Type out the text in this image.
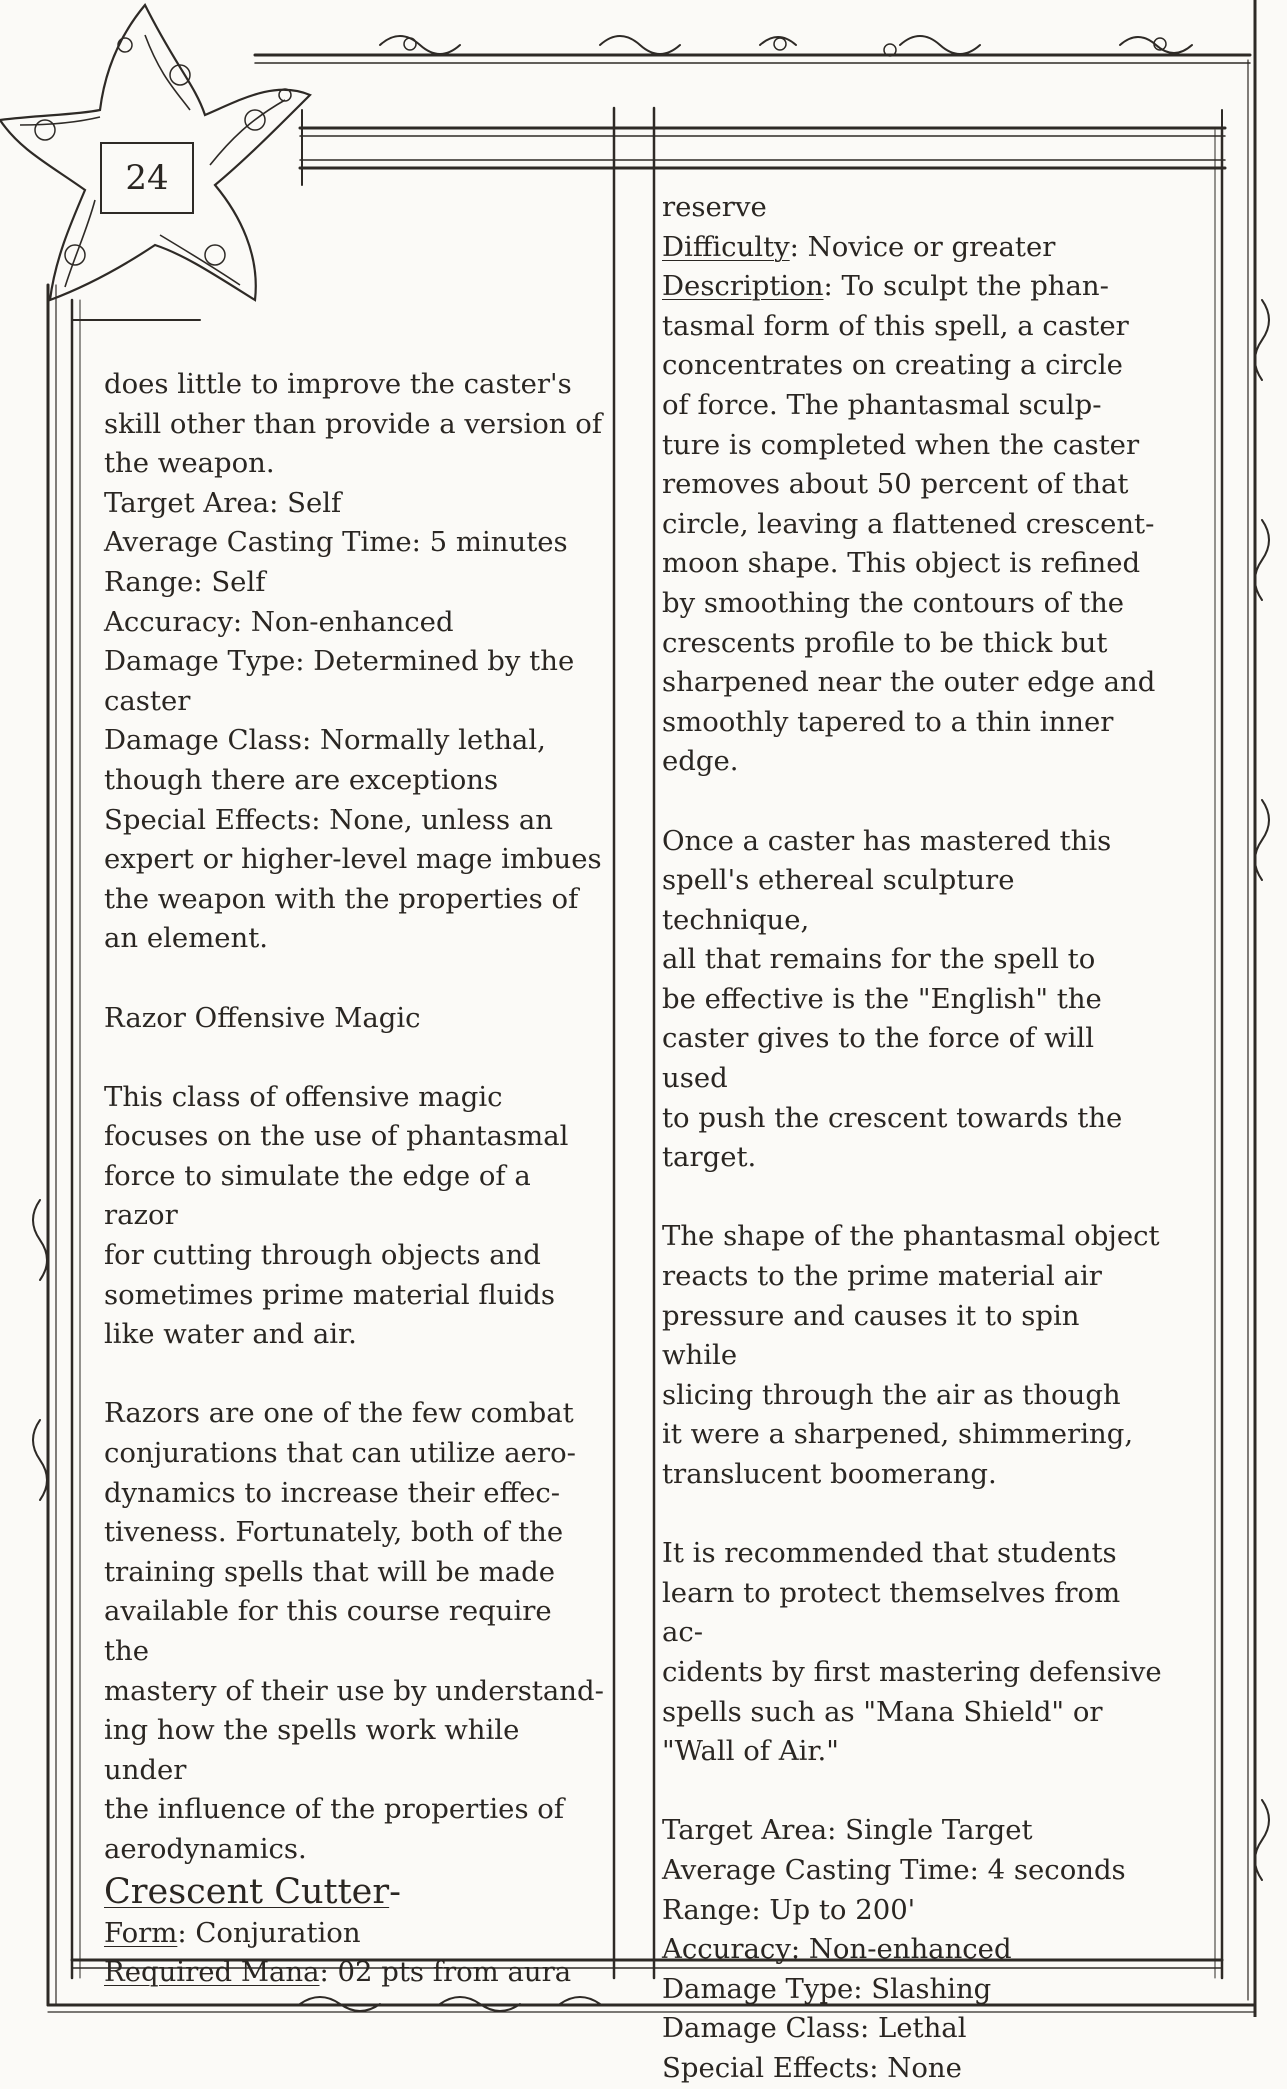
24

does little to improve the caster's

skill other than provide a version of

the weapon.

Target Area: Self

Average Casting Time: 5 minutes

Range: Self

Accuracy: Non-enhanced

Damage Type: Determined by the

caster

Damage Class: Normally lethal,

though there are exceptions

Special Effects: None, unless an

expert or higher-level mage imbues

the weapon with the properties of

an element.

Razor Offensive Magic

This class of offensive magic

focuses on the use of phantasmal

force to simulate the edge of a razor

for cutting through objects and

sometimes prime material fluids

like water and air.

Razors are one of the few combat

conjurations that can utilize aero-

dynamics to increase their effec-

tiveness. Fortunately, both of the

training spells that will be made

available for this course require the

mastery of their use by understand-

ing how the spells work while under

the influence of the properties of

aerodynamics.

Crescent Cutter-

Form: Conjuration

Required Mana: 02 pts from aura

reserve

Difficulty: Novice or greater

Description: To sculpt the phan-

tasmal form of this spell, a caster

concentrates on creating a circle

of force. The phantasmal sculp-

ture is completed when the caster

removes about 50 percent of that

circle, leaving a flattened crescent-

moon shape. This object is refined

by smoothing the contours of the

crescents profile to be thick but

sharpened near the outer edge and

smoothly tapered to a thin inner

edge.

Once a caster has mastered this

spell's ethereal sculpture technique,

all that remains for the spell to

be effective is the "English" the

caster gives to the force of will used

to push the crescent towards the

target.

The shape of the phantasmal object

reacts to the prime material air

pressure and causes it to spin while

slicing through the air as though

it were a sharpened, shimmering,

translucent boomerang.

It is recommended that students

learn to protect themselves from ac-

cidents by first mastering defensive

spells such as "Mana Shield" or

"Wall of Air."

Target Area: Single Target

Average Casting Time: 4 seconds

Range: Up to 200'

Accuracy: Non-enhanced

Damage Type: Slashing

Damage Class: Lethal

Special Effects: None
